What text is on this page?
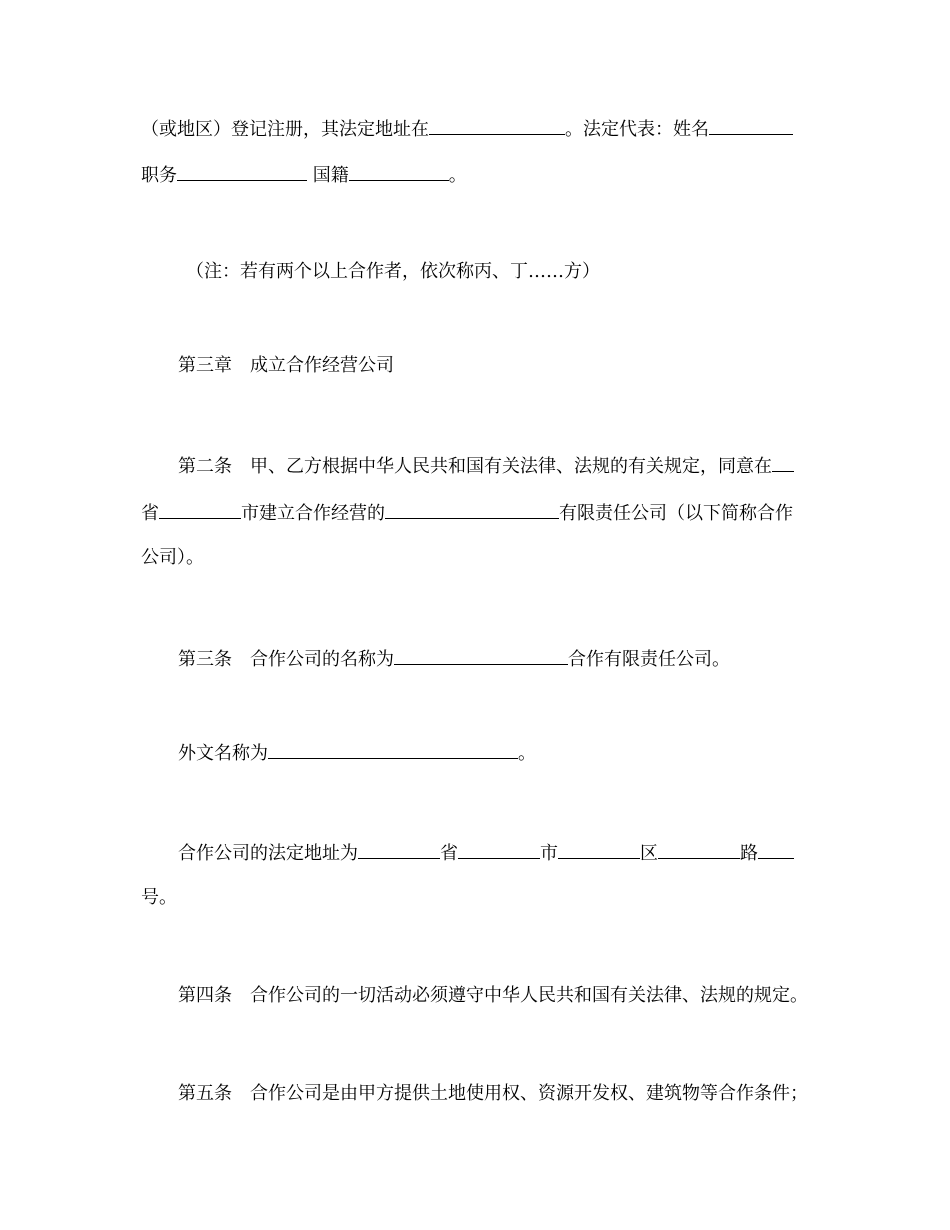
（或地区）登记注册，其法定地址在	。法定代表：姓名
职务	国籍	。
（注：若有两个以上合作者，依次称丙、丁……方）
第三章　成立合作经营公司
第二条　甲、乙方根据中华人民共和国有关法律、法规的有关规定，同意在
省	市建立合作经营的	有限责任公司（以下简称合作
公司）。
第三条　合作公司的名称为	合作有限责任公司。
外文名称为	。
合作公司的法定地址为	省	市	区	路
号。
第四条　合作公司的一切活动必须遵守中华人民共和国有关法律、法规的规定。
第五条　合作公司是由甲方提供土地使用权、资源开发权、建筑物等合作条件；
